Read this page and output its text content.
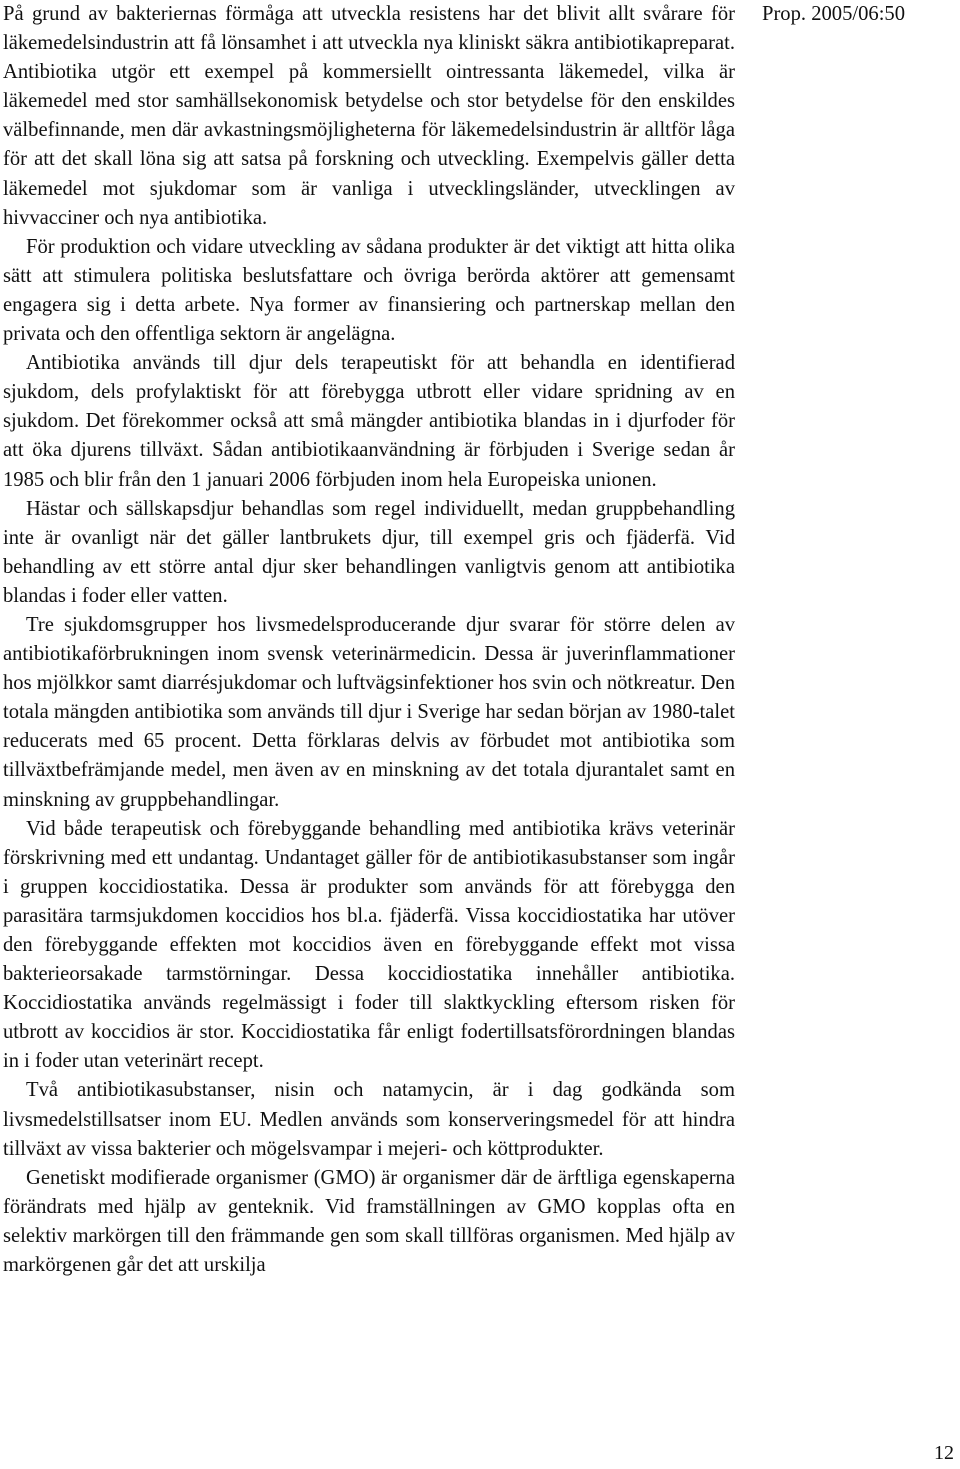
På grund av bakteriernas förmåga att utveckla resistens har det blivit allt svårare för läkemedelsindustrin att få lönsamhet i att utveckla nya kliniskt säkra antibiotikapreparat. Antibiotika utgör ett exempel på kommersiellt ointressanta läkemedel, vilka är läkemedel med stor samhällsekonomisk betydelse och stor betydelse för den enskildes välbefinnande, men där avkastningsmöjligheterna för läkemedelsindustrin är alltför låga för att det skall löna sig att satsa på forskning och utveckling. Exempelvis gäller detta läkemedel mot sjukdomar som är vanliga i utvecklingsländer, utvecklingen av hivvacciner och nya antibiotika.

För produktion och vidare utveckling av sådana produkter är det viktigt att hitta olika sätt att stimulera politiska beslutsfattare och övriga berörda aktörer att gemensamt engagera sig i detta arbete. Nya former av finansiering och partnerskap mellan den privata och den offentliga sektorn är angelägna.

Antibiotika används till djur dels terapeutiskt för att behandla en identifierad sjukdom, dels profylaktiskt för att förebygga utbrott eller vidare spridning av en sjukdom. Det förekommer också att små mängder antibiotika blandas in i djurfoder för att öka djurens tillväxt. Sådan antibiotikaanvändning är förbjuden i Sverige sedan år 1985 och blir från den 1 januari 2006 förbjuden inom hela Europeiska unionen.

Hästar och sällskapsdjur behandlas som regel individuellt, medan gruppbehandling inte är ovanligt när det gäller lantbrukets djur, till exempel gris och fjäderfä. Vid behandling av ett större antal djur sker behandlingen vanligtvis genom att antibiotika blandas i foder eller vatten.

Tre sjukdomsgrupper hos livsmedelsproducerande djur svarar för större delen av antibiotikaförbrukningen inom svensk veterinärmedicin. Dessa är juverinflammationer hos mjölkkor samt diarrésjukdomar och luftvägsinfektioner hos svin och nötkreatur. Den totala mängden antibiotika som används till djur i Sverige har sedan början av 1980-talet reducerats med 65 procent. Detta förklaras delvis av förbudet mot antibiotika som tillväxtbefrämjande medel, men även av en minskning av det totala djurantalet samt en minskning av gruppbehandlingar.

Vid både terapeutisk och förebyggande behandling med antibiotika krävs veterinär förskrivning med ett undantag. Undantaget gäller för de antibiotikasubstanser som ingår i gruppen koccidiostatika. Dessa är produkter som används för att förebygga den parasitära tarmsjukdomen koccidios hos bl.a. fjäderfä. Vissa koccidiostatika har utöver den förebyggande effekten mot koccidios även en förebyggande effekt mot vissa bakterieorsakade tarmstörningar. Dessa koccidiostatika innehåller antibiotika. Koccidiostatika används regelmässigt i foder till slaktkyckling eftersom risken för utbrott av koccidios är stor. Koccidiostatika får enligt fodertillsatsförordningen blandas in i foder utan veterinärt recept.

Två antibiotikasubstanser, nisin och natamycin, är i dag godkända som livsmedelstillsatser inom EU. Medlen används som konserveringsmedel för att hindra tillväxt av vissa bakterier och mögelsvampar i mejeri- och köttprodukter.

Genetiskt modifierade organismer (GMO) är organismer där de ärftliga egenskaperna förändrats med hjälp av genteknik. Vid framställningen av GMO kopplas ofta en selektiv markörgen till den främmande gen som skall tillföras organismen. Med hjälp av markörgenen går det att urskilja

Prop. 2005/06:50
12
